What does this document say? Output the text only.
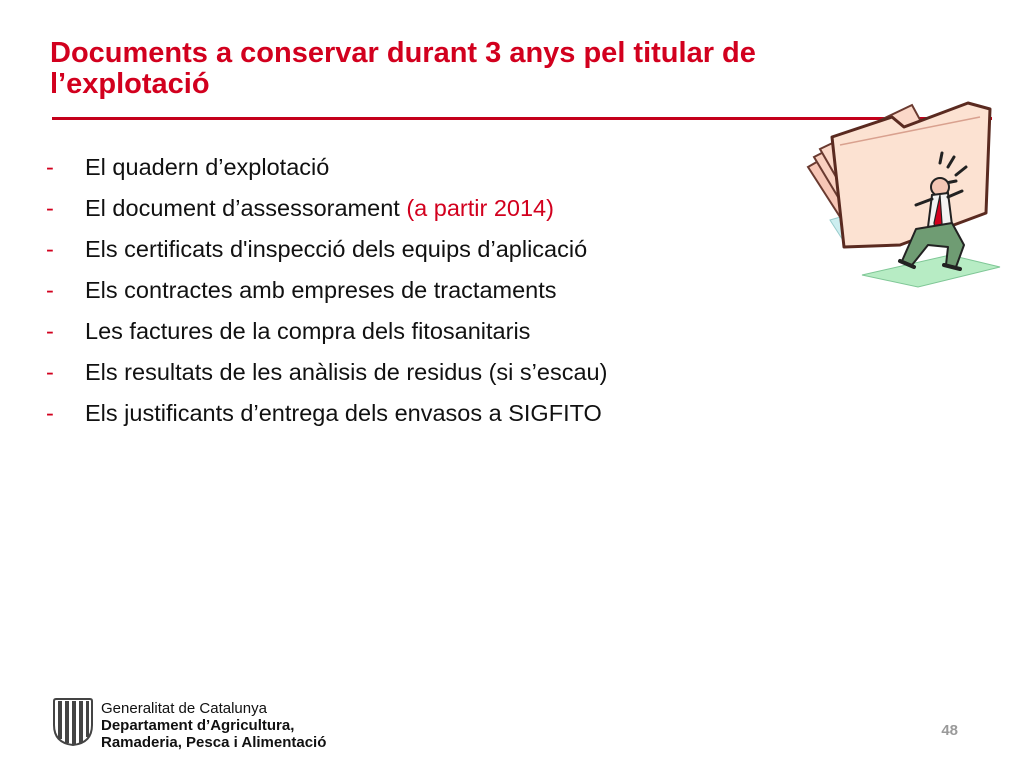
Documents a conservar durant 3 anys pel titular de l’explotació
-	El quadern d’explotació
-	El document d’assessorament (a partir 2014)
-	Els certificats d'inspecció dels equips d’aplicació
-	Els contractes amb empreses de tractaments
-	Les factures de la compra dels fitosanitaris
-	Els resultats de les anàlisis de residus (si s’escau)
-	Els justificants d’entrega dels envasos a SIGFITO
Generalitat de Catalunya
Departament d’Agricultura,
Ramaderia, Pesca i Alimentació
48
